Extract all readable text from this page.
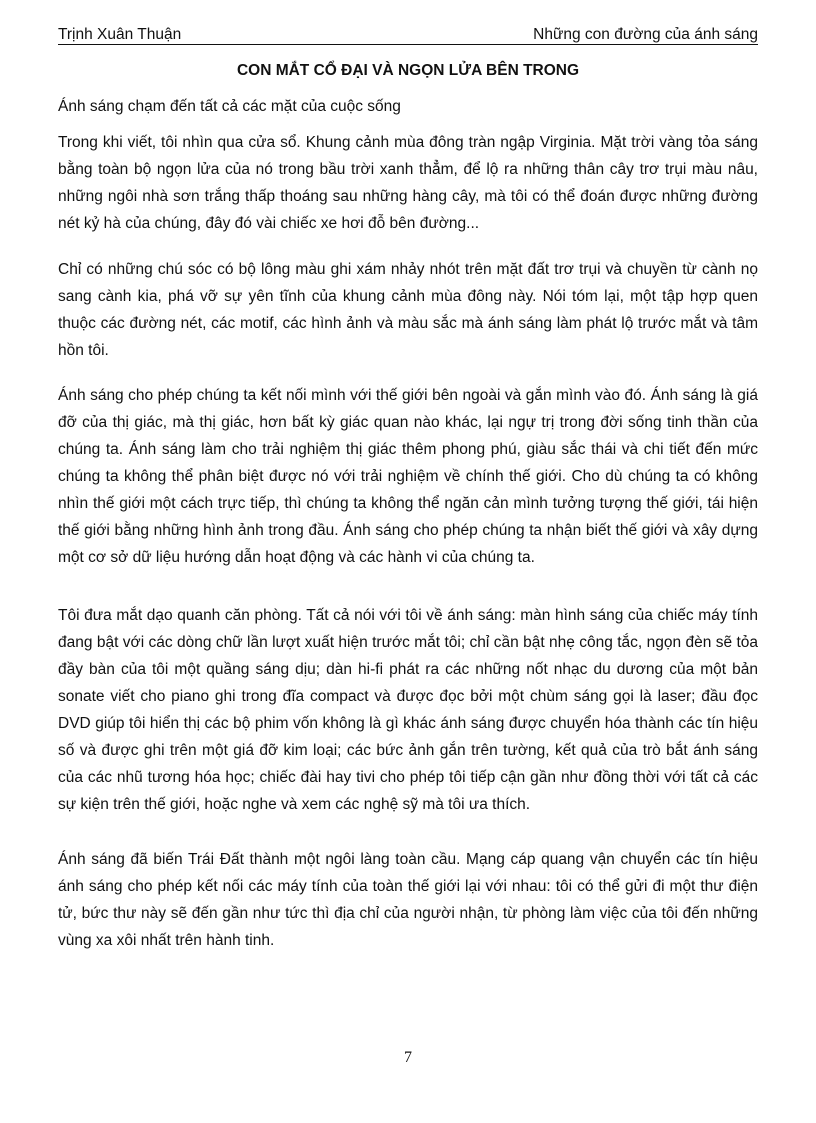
Trịnh Xuân Thuận	Những con đường của ánh sáng
CON MẮT CỔ ĐẠI VÀ NGỌN LỬA BÊN TRONG
Ánh sáng chạm đến tất cả các mặt của cuộc sống

Trong khi viết, tôi nhìn qua cửa sổ. Khung cảnh mùa đông tràn ngập Virginia. Mặt trời vàng tỏa sáng bằng toàn bộ ngọn lửa của nó trong bầu trời xanh thẳm, để lộ ra những thân cây trơ trụi màu nâu, những ngôi nhà sơn trắng thấp thoáng sau những hàng cây, mà tôi có thể đoán được những đường nét kỷ hà của chúng, đây đó vài chiếc xe hơi đỗ bên đường...

Chỉ có những chú sóc có bộ lông màu ghi xám nhảy nhót trên mặt đất trơ trụi và chuyền từ cành nọ sang cành kia, phá vỡ sự yên tĩnh của khung cảnh mùa đông này. Nói tóm lại, một tập hợp quen thuộc các đường nét, các motif, các hình ảnh và màu sắc mà ánh sáng làm phát lộ trước mắt và tâm hồn tôi.

Ánh sáng cho phép chúng ta kết nối mình với thế giới bên ngoài và gắn mình vào đó. Ánh sáng là giá đỡ của thị giác, mà thị giác, hơn bất kỳ giác quan nào khác, lại ngự trị trong đời sống tinh thần của chúng ta. Ánh sáng làm cho trải nghiệm thị giác thêm phong phú, giàu sắc thái và chi tiết đến mức chúng ta không thể phân biệt được nó với trải nghiệm về chính thế giới. Cho dù chúng ta có không nhìn thế giới một cách trực tiếp, thì chúng ta không thể ngăn cản mình tưởng tượng thế giới, tái hiện thế giới bằng những hình ảnh trong đầu. Ánh sáng cho phép chúng ta nhận biết thế giới và xây dựng một cơ sở dữ liệu hướng dẫn hoạt động và các hành vi của chúng ta.

Tôi đưa mắt dạo quanh căn phòng. Tất cả nói với tôi về ánh sáng: màn hình sáng của chiếc máy tính đang bật với các dòng chữ lần lượt xuất hiện trước mắt tôi; chỉ cần bật nhẹ công tắc, ngọn đèn sẽ tỏa đầy bàn của tôi một quầng sáng dịu; dàn hi-fi phát ra các những nốt nhạc du dương của một bản sonate viết cho piano ghi trong đĩa compact và được đọc bởi một chùm sáng gọi là laser; đầu đọc DVD giúp tôi hiển thị các bộ phim vốn không là gì khác ánh sáng được chuyển hóa thành các tín hiệu số và được ghi trên một giá đỡ kim loại; các bức ảnh gắn trên tường, kết quả của trò bắt ánh sáng của các nhũ tương hóa học; chiếc đài hay tivi cho phép tôi tiếp cận gần như đồng thời với tất cả các sự kiện trên thế giới, hoặc nghe và xem các nghệ sỹ mà tôi ưa thích.

Ánh sáng đã biến Trái Đất thành một ngôi làng toàn cầu. Mạng cáp quang vận chuyển các tín hiệu ánh sáng cho phép kết nối các máy tính của toàn thế giới lại với nhau: tôi có thể gửi đi một thư điện tử, bức thư này sẽ đến gần như tức thì địa chỉ của người nhận, từ phòng làm việc của tôi đến những vùng xa xôi nhất trên hành tinh.

7
